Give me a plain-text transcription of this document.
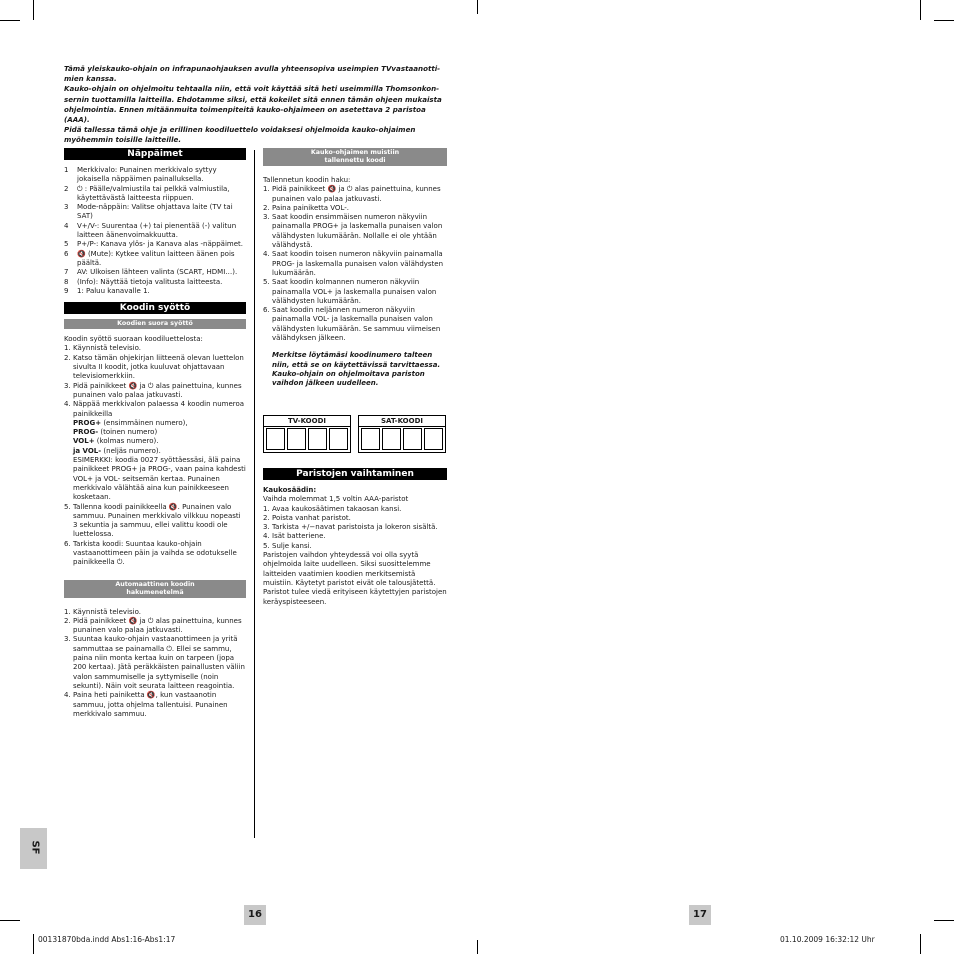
Tämä yleiskauko-ohjain on infrapunaohjauksen avulla yhteensopiva useimpien TVvastaanotti-mien kanssa.

Kauko-ohjain on ohjelmoitu tehtaalla niin, että voit käyttää sitä heti useimmilla Thomsonkon-sernin tuottamilla laitteilla. Ehdotamme siksi, että kokeilet sitä ennen tämän ohjeen mukaista ohjelmointia. Ennen mitäänmuita toimenpiteitä kauko-ohjaimeen on asetettava 2 paristoa (AAA).

Pidä tallessa tämä ohje ja erillinen koodiluettelo voidaksesi ohjelmoida kauko-ohjaimen myöhemmin toisille laitteille.

Näppäimet
1	Merkkivalo: Punainen merkkivalo syttyy jokaisella näppäimen painalluksella.
2	⏻ : Päälle/valmiustila tai pelkkä valmiustila, käytettävästä laitteesta riippuen.
3	Mode-näppäin: Valitse ohjattava laite (TV tai SAT)
4	V+/V-: Suurentaa (+) tai pienentää (-) valitun laitteen äänenvoimakkuutta.
5	P+/P-: Kanava ylös- ja Kanava alas -näppäimet.
6	🔇 (Mute): Kytkee valitun laitteen äänen pois päältä.
7	AV: Ulkoisen lähteen valinta (SCART, HDMI…).
8	(Info): Näyttää tietoja valitusta laitteesta.
9	1: Paluu kanavalle 1.
Koodin syöttö
Koodien suora syöttö

Koodin syöttö suoraan koodiluettelosta:

1. Käynnistä televisio.
2. Katso tämän ohjekirjan liitteenä olevan luettelon sivulta II koodit, jotka kuuluvat ohjattavaan televisiomerkkiin.
3. Pidä painikkeet 🔇 ja ⏻ alas painettuina, kunnes punainen valo palaa jatkuvasti.
4. Näppää merkkivalon palaessa 4 koodin numeroa painikkeilla
PROG+ (ensimmäinen numero),
PROG- (toinen numero)
VOL+ (kolmas numero).
ja VOL- (neljäs numero).
ESIMERKKI: koodia 0027 syöttäessäsi, älä paina painikkeet PROG+ ja PROG-, vaan paina kahdesti VOL+ ja VOL- seitsemän kertaa. Punainen merkkivalo välähtää aina kun painikkeeseen kosketaan.
5. Tallenna koodi painikkeella 🔇. Punainen valo sammuu. Punainen merkkivalo vilkkuu nopeasti 3 sekuntia ja sammuu, ellei valittu koodi ole luettelossa.
6. Tarkista koodi: Suuntaa kauko-ohjain vastaanottimeen päin ja vaihda se odotukselle painikkeella ⏻.
Automaattinen koodin
hakumenetelmä
1. Käynnistä televisio.
2. Pidä painikkeet 🔇 ja ⏻ alas painettuina, kunnes punainen valo palaa jatkuvasti.
3. Suuntaa kauko-ohjain vastaanottimeen ja yritä sammuttaa se painamalla ⏻. Ellei se sammu, paina niin monta kertaa kuin on tarpeen (jopa 200 kertaa). Jätä peräkkäisten painallusten väliin valon sammumiselle ja syttymiselle (noin sekunti). Näin voit seurata laitteen reagointia.
4. Paina heti painiketta 🔇, kun vastaanotin sammuu, jotta ohjelma tallentuisi. Punainen merkkivalo sammuu.
Kauko-ohjaimen muistiin
tallennettu koodi

Tallennetun koodin haku:

1. Pidä painikkeet 🔇 ja ⏻ alas painettuina, kunnes punainen valo palaa jatkuvasti.
2. Paina painiketta VOL-.
3. Saat koodin ensimmäisen numeron näkyviin painamalla PROG+ ja laskemalla punaisen valon välähdysten lukumäärän. Nollalle ei ole yhtään välähdystä.
4. Saat koodin toisen numeron näkyviin painamalla PROG- ja laskemalla punaisen valon välähdysten lukumäärän.
5. Saat koodin kolmannen numeron näkyviin painamalla VOL+ ja laskemalla punaisen valon välähdysten lukumäärän.
6. Saat koodin neljännen numeron näkyviin painamalla VOL- ja laskemalla punaisen valon välähdysten lukumäärän. Se sammuu viimeisen välähdyksen jälkeen.

Merkitse löytämäsi koodinumero talteen niin, että se on käytettävissä tarvittaessa. Kauko-ohjain on ohjelmoitava pariston vaihdon jälkeen uudelleen.

TV-KOODI	SAT-KOODI
Paristojen vaihtaminen

Kaukosäädin:

Vaihda molemmat 1,5 voltin AAA-paristot

1. Avaa kaukosäätimen takaosan kansi.
2. Poista vanhat paristot.
3. Tarkista +/−navat paristoista ja lokeron sisältä.
4. Isät batteriene.
5. Sulje kansi.

Paristojen vaihdon yhteydessä voi olla syytä ohjelmoida laite uudelleen. Siksi suosittelemme laitteiden vaatimien koodien merkitsemistä muistiin. Käytetyt paristot eivät ole talousjätettä. Paristot tulee viedä erityiseen käytettyjen paristojen keräyspisteeseen.

SF
16	17
00131870bda.indd Abs1:16-Abs1:17	01.10.2009 16:32:12 Uhr
